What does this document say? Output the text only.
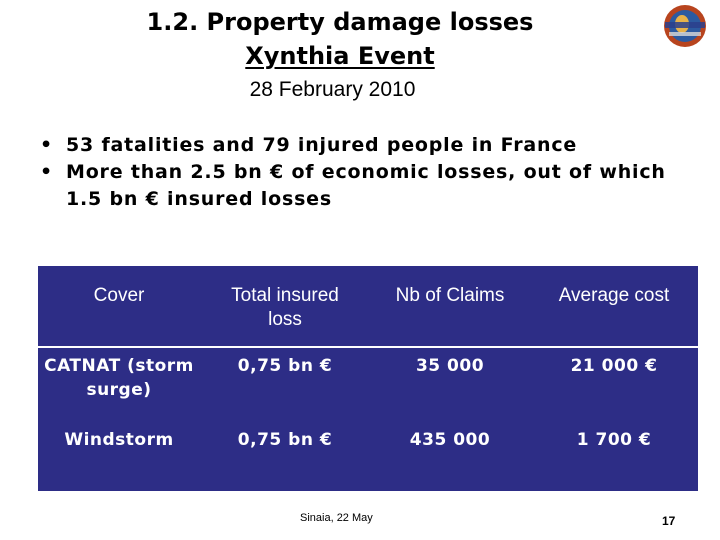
1.2. Property damage losses
Xynthia Event
28 February 2010
• 53 fatalities and 79 injured people in France
• More than 2.5 bn € of economic losses, out of which 1.5 bn € insured losses
Cover	Total insured loss	Nb of Claims	Average cost
CATNAT (storm surge)	0,75 bn €	35 000	21 000 €
Windstorm	0,75 bn €	435 000	1 700 €
Sinaia, 22 May	17
